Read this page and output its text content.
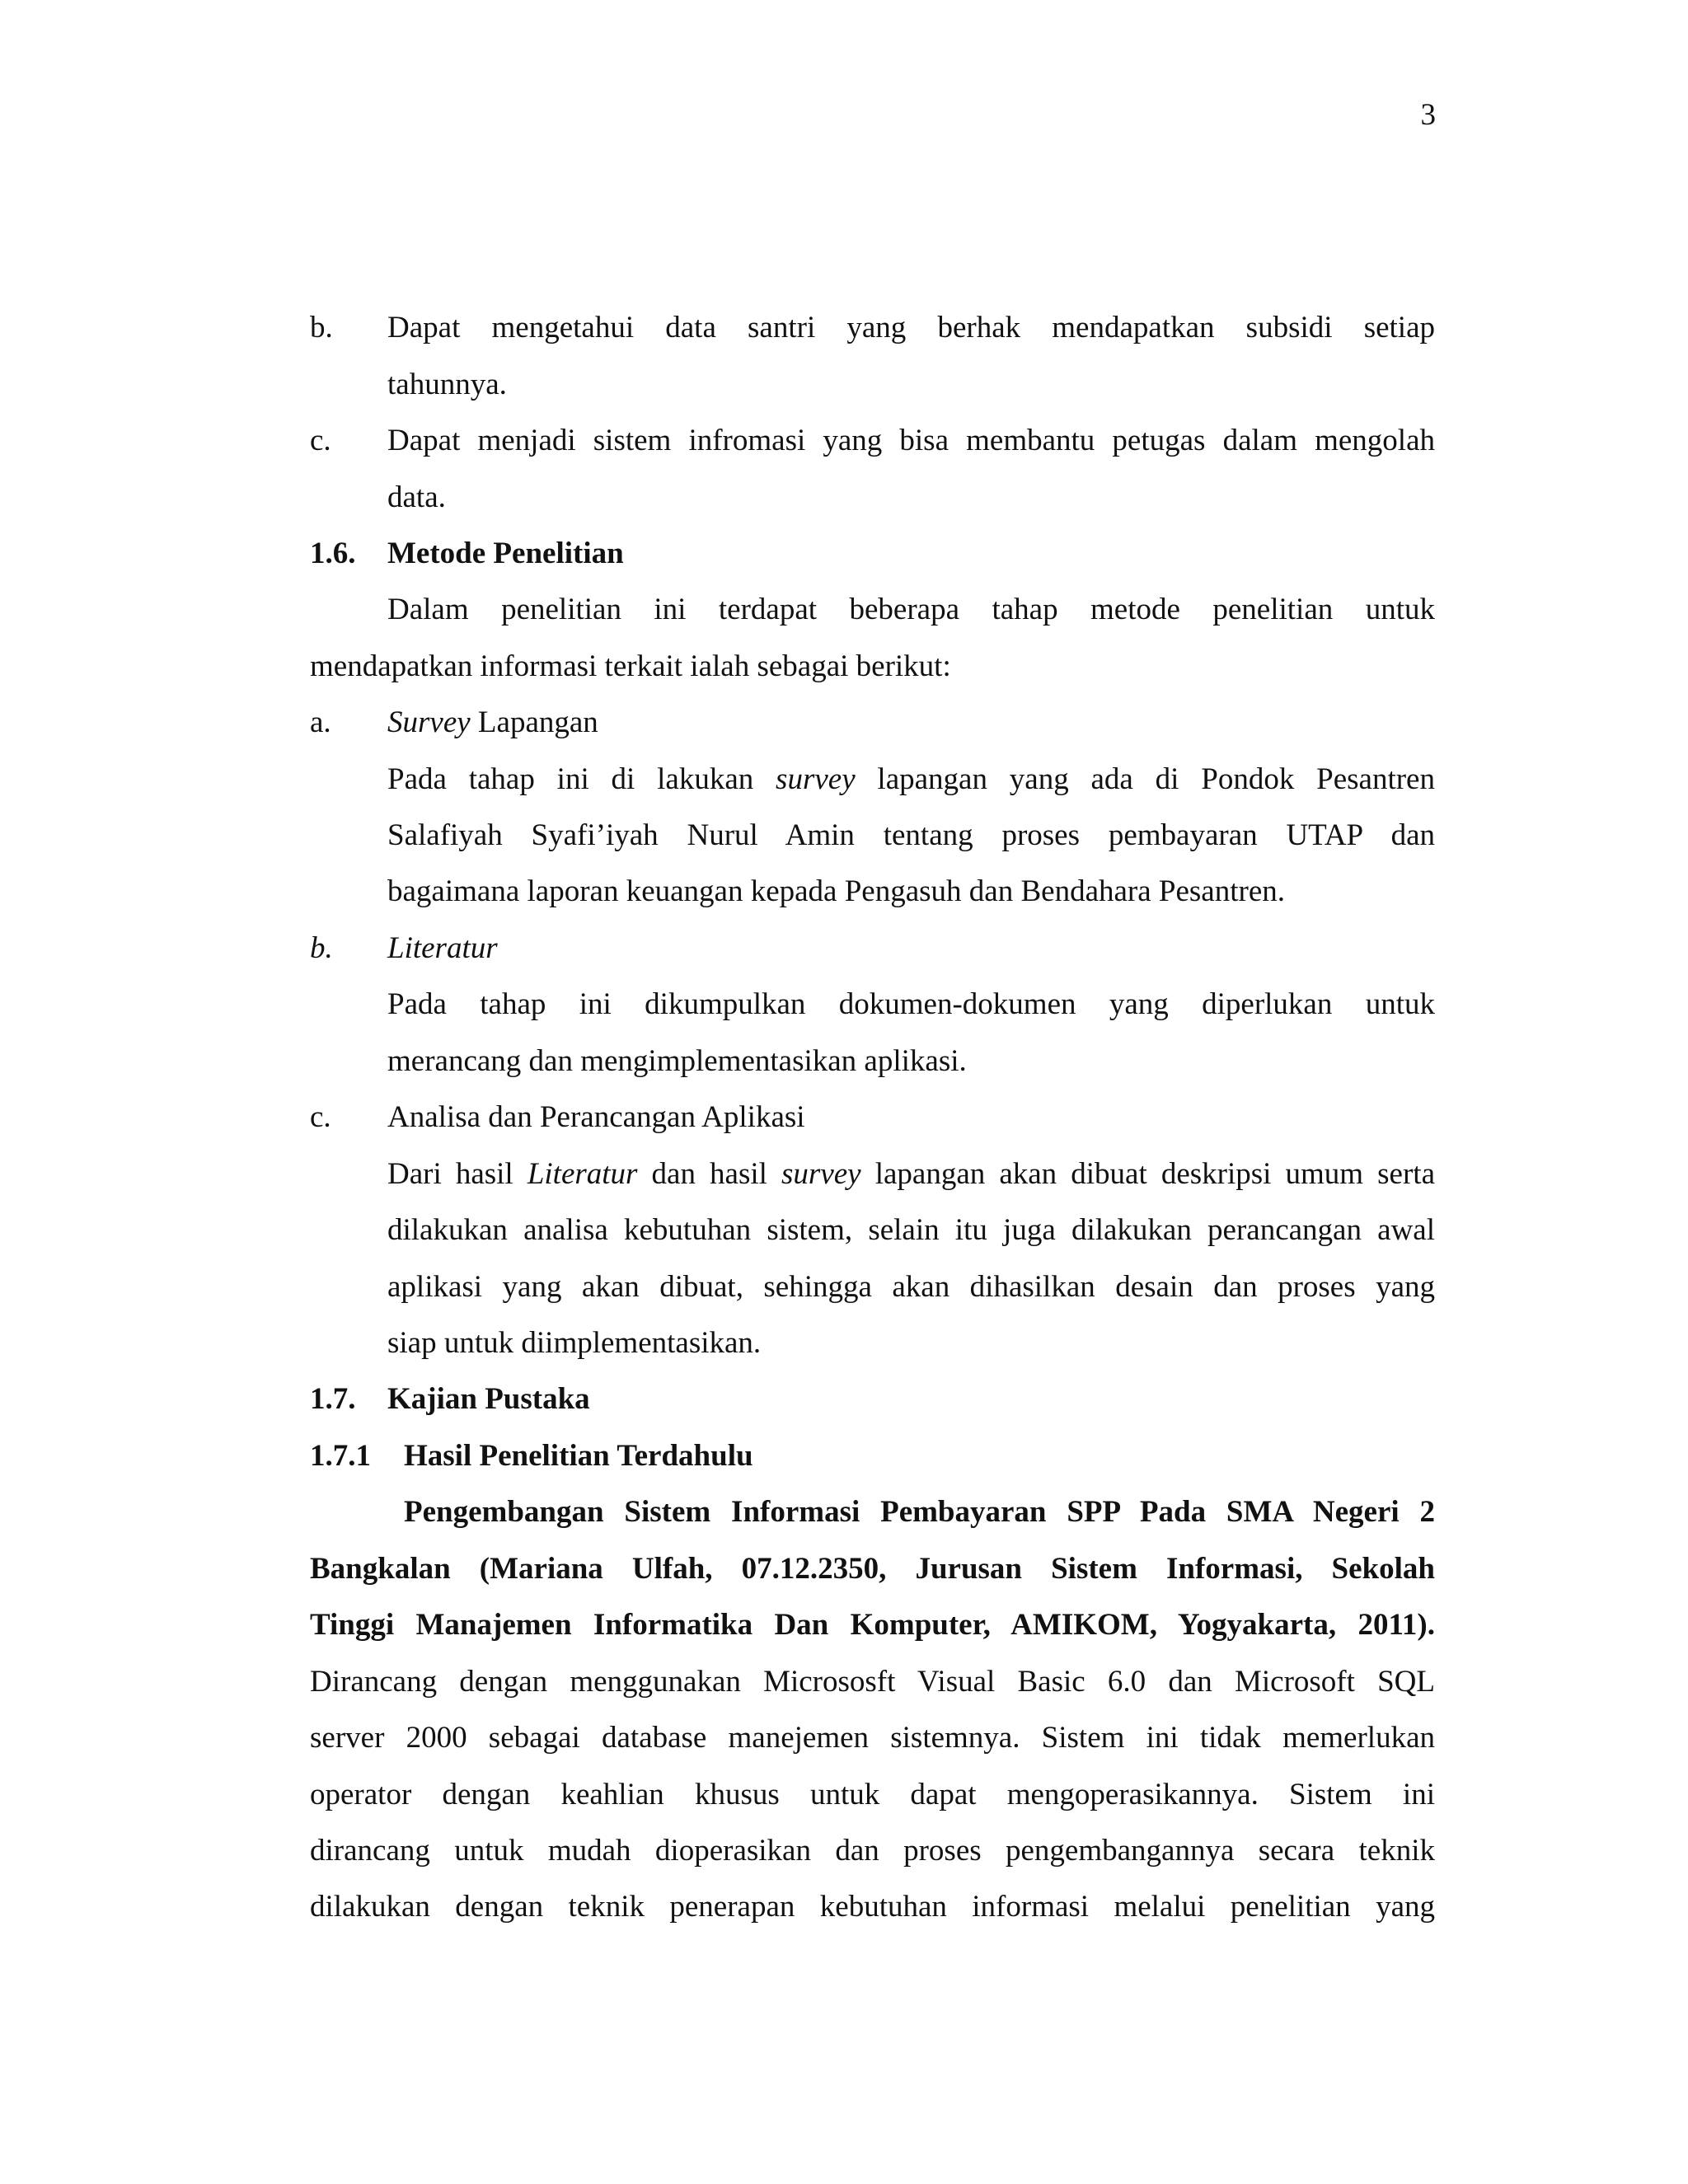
3
b. Dapat mengetahui data santri yang berhak mendapatkan subsidi setiap
tahunnya.
c. Dapat menjadi sistem infromasi yang bisa membantu petugas dalam mengolah
data.
1.6. Metode Penelitian
Dalam penelitian ini terdapat beberapa tahap metode penelitian untuk
mendapatkan informasi terkait ialah sebagai berikut:
a. Survey Lapangan
Pada tahap ini di lakukan survey lapangan yang ada di Pondok Pesantren
Salafiyah Syafi’iyah Nurul Amin tentang proses pembayaran UTAP dan
bagaimana laporan keuangan kepada Pengasuh dan Bendahara Pesantren.
b. Literatur
Pada tahap ini dikumpulkan dokumen-dokumen yang diperlukan untuk
merancang dan mengimplementasikan aplikasi.
c. Analisa dan Perancangan Aplikasi
Dari hasil Literatur dan hasil survey lapangan akan dibuat deskripsi umum serta
dilakukan analisa kebutuhan sistem, selain itu juga dilakukan perancangan awal
aplikasi yang akan dibuat, sehingga akan dihasilkan desain dan proses yang
siap untuk diimplementasikan.
1.7. Kajian Pustaka
1.7.1 Hasil Penelitian Terdahulu
Pengembangan Sistem Informasi Pembayaran SPP Pada SMA Negeri 2
Bangkalan (Mariana Ulfah, 07.12.2350, Jurusan Sistem Informasi, Sekolah
Tinggi Manajemen Informatika Dan Komputer, AMIKOM, Yogyakarta, 2011).
Dirancang dengan menggunakan Micrososft Visual Basic 6.0 dan Microsoft SQL
server 2000 sebagai database manejemen sistemnya. Sistem ini tidak memerlukan
operator dengan keahlian khusus untuk dapat mengoperasikannya. Sistem ini
dirancang untuk mudah dioperasikan dan proses pengembangannya secara teknik
dilakukan dengan teknik penerapan kebutuhan informasi melalui penelitian yang
